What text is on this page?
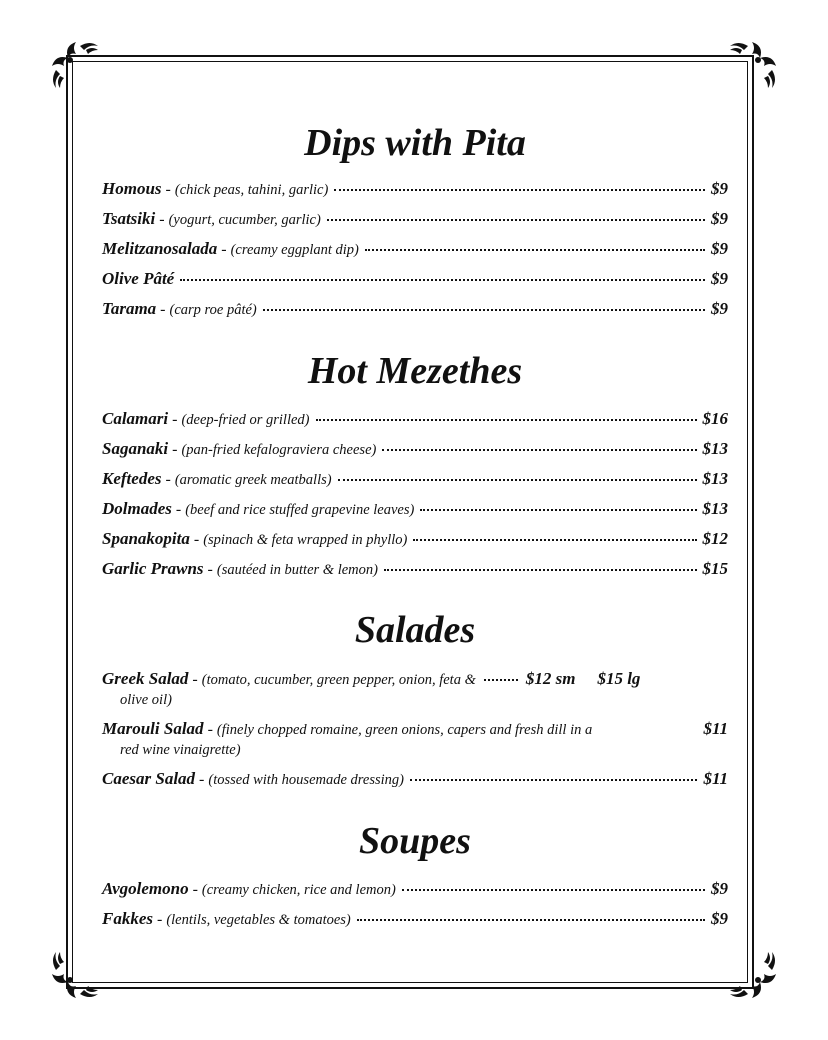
Dips with Pita
Homous - (chick peas, tahini, garlic)	$9
Tsatsiki - (yogurt, cucumber, garlic)	$9
Melitzanosalada - (creamy eggplant dip)	$9
Olive Pâté	$9
Tarama - (carp roe pâté)	$9
Hot Mezethes
Calamari - (deep-fried or grilled)	$16
Saganaki - (pan-fried kefalograviera cheese)	$13
Keftedes - (aromatic greek meatballs)	$13
Dolmades - (beef and rice stuffed grapevine leaves)	$13
Spanakopita - (spinach & feta wrapped in phyllo)	$12
Garlic Prawns - (sautéed in butter & lemon)	$15
Salades
Greek Salad - (tomato, cucumber, green pepper, onion, feta &	$12 sm $15 lg
olive oil)
Marouli Salad - (finely chopped romaine, green onions, capers and fresh dill in a	$11
red wine vinaigrette)
Caesar Salad - (tossed with housemade dressing)	$11
Soupes
Avgolemono - (creamy chicken, rice and lemon)	$9
Fakkes - (lentils, vegetables & tomatoes)	$9
